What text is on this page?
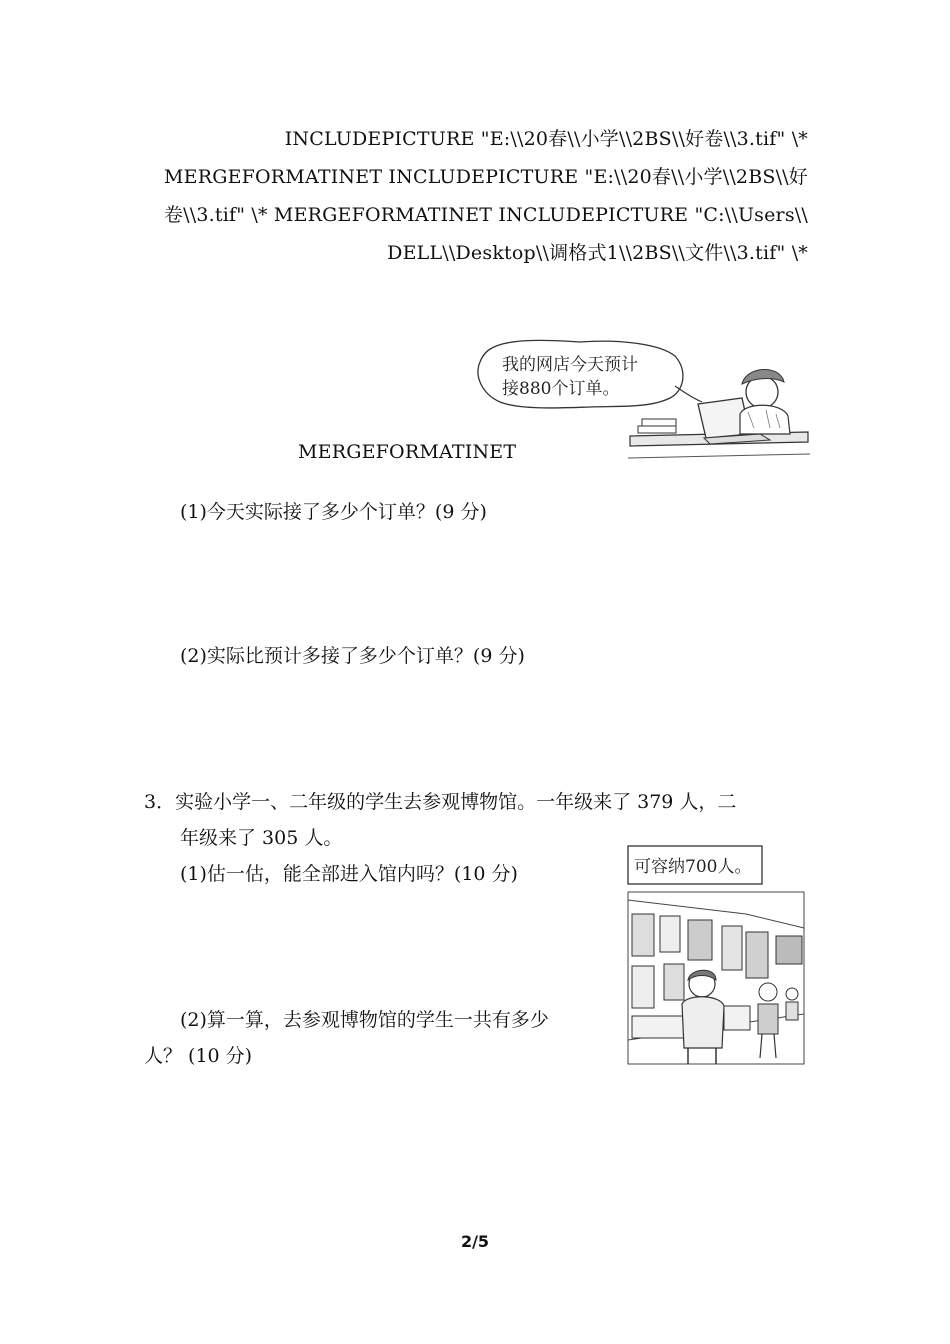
INCLUDEPICTURE "E:\\20春\\小学\\2BS\\好卷\\3.tif" \*
MERGEFORMATINET INCLUDEPICTURE "E:\\20春\\小学\\2BS\\好
卷\\3.tif" \* MERGEFORMATINET INCLUDEPICTURE "C:\\Users\\
DELL\\Desktop\\调格式1\\2BS\\文件\\3.tif" \*
MERGEFORMATINET
我的网店今天预计
接880个订单。
(1)今天实际接了多少个订单？(9 分)
(2)实际比预计多接了多少个订单？(9 分)
3．实验小学一、二年级的学生去参观博物馆。一年级来了 379 人，二
年级来了 305 人。
(1)估一估，能全部进入馆内吗？(10 分)
(2)算一算，去参观博物馆的学生一共有多少
人？ (10 分)
可容纳700人。
2/5
